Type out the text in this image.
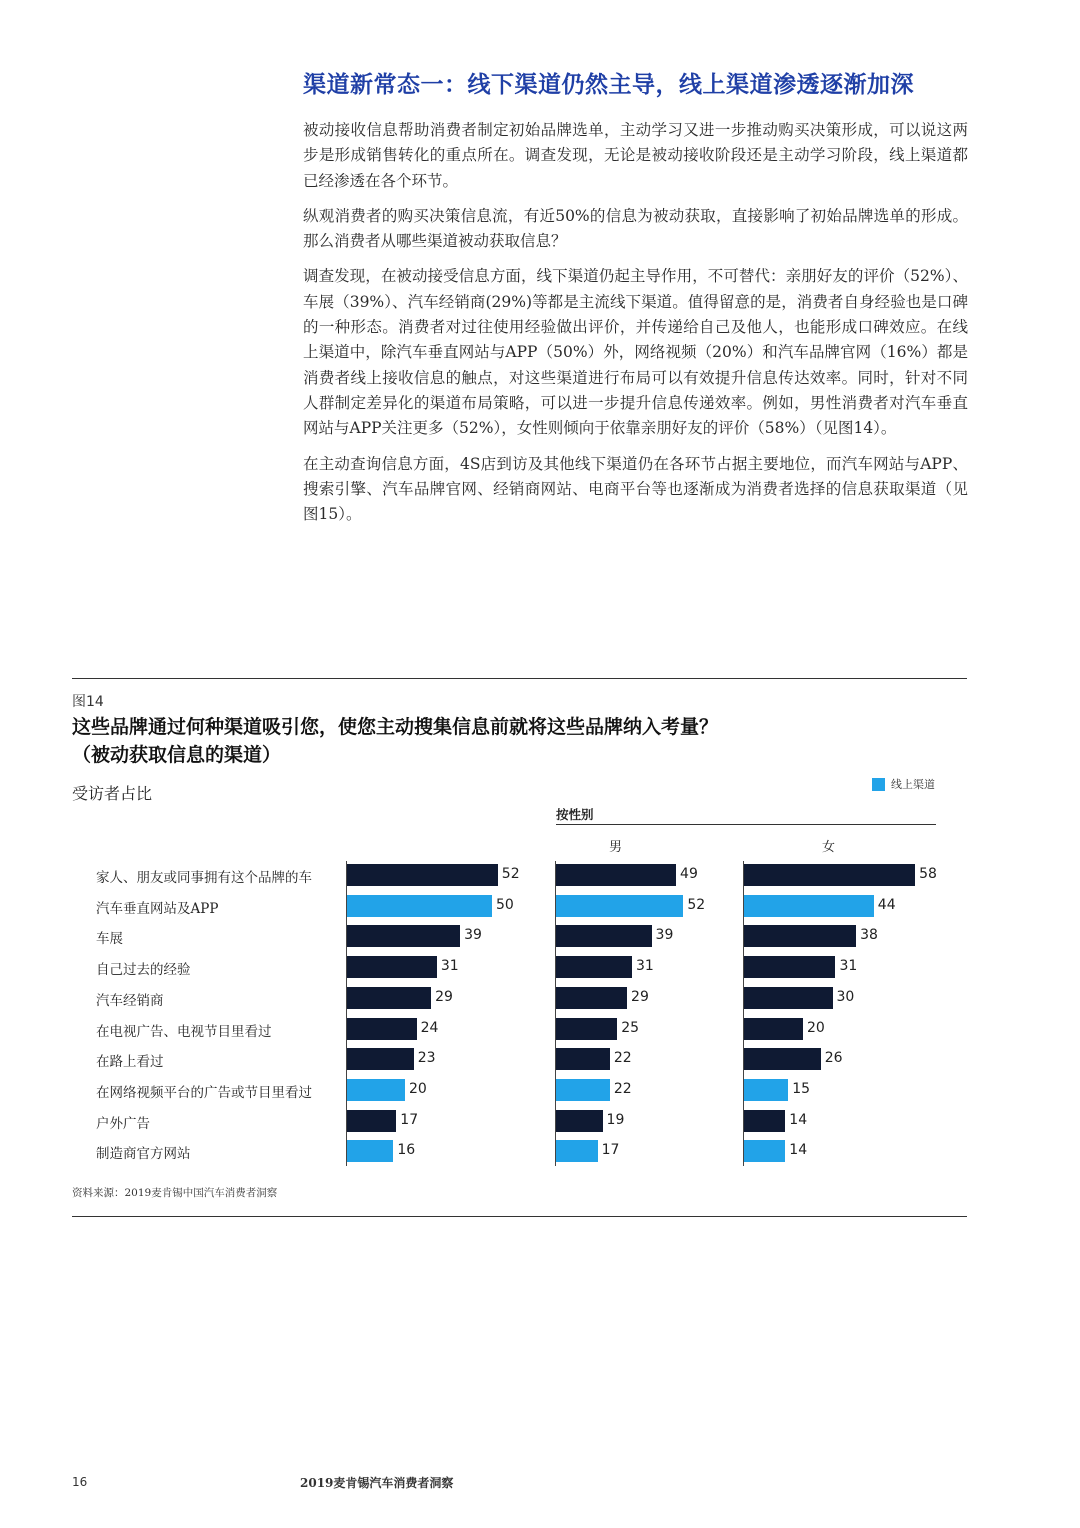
渠道新常态一：线下渠道仍然主导，线上渠道渗透逐渐加深

被动接收信息帮助消费者制定初始品牌选单，主动学习又进一步推动购买决策形成，可以说这两步是形成销售转化的重点所在。调查发现，无论是被动接收阶段还是主动学习阶段，线上渠道都已经渗透在各个环节。

纵观消费者的购买决策信息流，有近50%的信息为被动获取，直接影响了初始品牌选单的形成。那么消费者从哪些渠道被动获取信息？

调查发现，在被动接受信息方面，线下渠道仍起主导作用，不可替代：亲朋好友的评价（52%）、车展（39%）、汽车经销商(29%)等都是主流线下渠道。值得留意的是，消费者自身经验也是口碑的一种形态。消费者对过往使用经验做出评价，并传递给自己及他人，也能形成口碑效应。在线上渠道中，除汽车垂直网站与APP（50%）外，网络视频（20%）和汽车品牌官网（16%）都是消费者线上接收信息的触点，对这些渠道进行布局可以有效提升信息传达效率。同时，针对不同人群制定差异化的渠道布局策略，可以进一步提升信息传递效率。例如，男性消费者对汽车垂直网站与APP关注更多（52%），女性则倾向于依靠亲朋好友的评价（58%）（见图14）。

在主动查询信息方面，4S店到访及其他线下渠道仍在各环节占据主要地位，而汽车网站与APP、搜索引擎、汽车品牌官网、经销商网站、电商平台等也逐渐成为消费者选择的信息获取渠道（见图15）。

图14
这些品牌通过何种渠道吸引您，使您主动搜集信息前就将这些品牌纳入考量？
（被动获取信息的渠道）
受访者占比	线上渠道
按性别
男	女
家人、朋友或同事拥有这个品牌的车	52	49	58
汽车垂直网站及APP	50	52	44
车展	39	39	38
自己过去的经验	31	31	31
汽车经销商	29	29	30
在电视广告、电视节目里看过	24	25	20
在路上看过	23	22	26
在网络视频平台的广告或节目里看过	20	22	15
户外广告	17	19	14
制造商官方网站	16	17	14
资料来源：2019麦肯锡中国汽车消费者洞察
16	2019麦肯锡汽车消费者洞察
